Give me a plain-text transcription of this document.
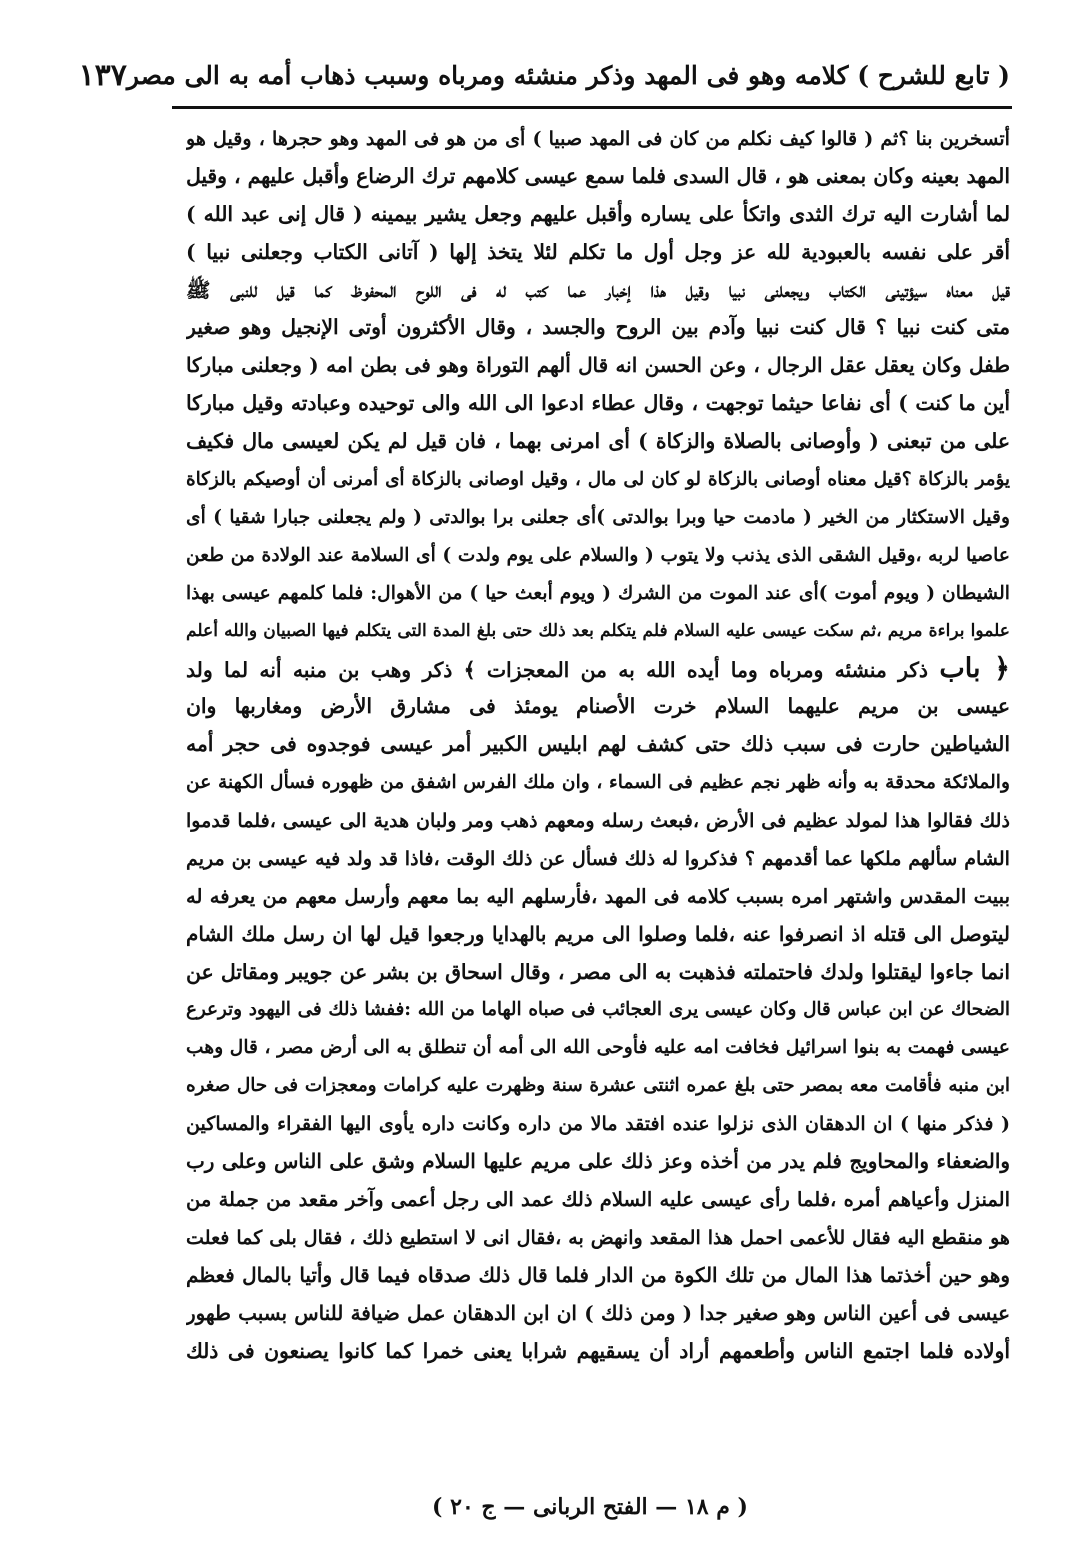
( تابع للشرح ) كلامه وهو فى المهد وذكر منشئه ومرباه وسبب ذهاب أمه به الى مصر
١٣٧
أتسخرين بنا ؟ثم ( قالوا كيف نكلم من كان فى المهد صبيا ) أى من هو فى المهد وهو حجرها ، وقيل هو
المهد بعينه وكان بمعنى هو ، قال السدى فلما سمع عيسى كلامهم ترك الرضاع وأقبل عليهم ، وقيل
لما أشارت اليه ترك الثدى واتكأ على يساره وأقبل عليهم وجعل يشير بيمينه ( قال إنى عبد الله )
أقر على نفسه بالعبودية لله عز وجل أول ما تكلم لئلا يتخذ إلها ( آتانى الكتاب وجعلنى نبيا )
قيل معناه سيؤتينى الكتاب ويجعلنى نبيا وقيل هذا إخبار عما كتب له فى اللوح المحفوظ كما قيل للنبى ﷺ
متى كنت نبيا ؟ قال كنت نبيا وآدم بين الروح والجسد ، وقال الأكثرون أوتى الإنجيل وهو صغير
طفل وكان يعقل عقل الرجال ، وعن الحسن انه قال ألهم التوراة وهو فى بطن امه ( وجعلنى مباركا
أين ما كنت ) أى نفاعا حيثما توجهت ، وقال عطاء ادعوا الى الله والى توحيده وعبادته وقيل مباركا
على من تبعنى ( وأوصانى بالصلاة والزكاة ) أى امرنى بهما ، فان قيل لم يكن لعيسى مال فكيف
يؤمر بالزكاة ؟قيل معناه أوصانى بالزكاة لو كان لى مال ، وقيل اوصانى بالزكاة أى أمرنى أن أوصيكم بالزكاة
وقيل الاستكثار من الخير ( مادمت حيا وبرا بوالدتى )أى جعلنى برا بوالدتى ( ولم يجعلنى جبارا شقيا ) أى
عاصيا لربه ،وقيل الشقى الذى يذنب ولا يتوب ( والسلام على يوم ولدت ) أى السلامة عند الولادة من طعن
الشيطان ( ويوم أموت )أى عند الموت من الشرك ( ويوم أبعث حيا ) من الأهوال: فلما كلمهم عيسى بهذا
علموا براءة مريم ،ثم سكت عيسى عليه السلام فلم يتكلم بعد ذلك حتى بلغ المدة التى يتكلم فيها الصبيان والله أعلم
﴿ باب ذكر منشئه ومرباه وما أيده الله به من المعجزات ﴾ ذكر وهب بن منبه أنه لما ولد
عيسى بن مريم عليهما السلام خرت الأصنام يومئذ فى مشارق الأرض ومغاربها وان
الشياطين حارت فى سبب ذلك حتى كشف لهم ابليس الكبير أمر عيسى فوجدوه فى حجر أمه
والملائكة محدقة به وأنه ظهر نجم عظيم فى السماء ، وان ملك الفرس اشفق من ظهوره فسأل الكهنة عن
ذلك فقالوا هذا لمولد عظيم فى الأرض ،فبعث رسله ومعهم ذهب ومر ولبان هدية الى عيسى ،فلما قدموا
الشام سألهم ملكها عما أقدمهم ؟ فذكروا له ذلك فسأل عن ذلك الوقت ،فاذا قد ولد فيه عيسى بن مريم
ببيت المقدس واشتهر امره بسبب كلامه فى المهد ،فأرسلهم اليه بما معهم وأرسل معهم من يعرفه له
ليتوصل الى قتله اذ انصرفوا عنه ،فلما وصلوا الى مريم بالهدايا ورجعوا قيل لها ان رسل ملك الشام
انما جاءوا ليقتلوا ولدك فاحتملته فذهبت به الى مصر ، وقال اسحاق بن بشر عن جويبر ومقاتل عن
الضحاك عن ابن عباس قال وكان عيسى يرى العجائب فى صباه الهاما من الله :ففشا ذلك فى اليهود وترعرع
عيسى فهمت به بنوا اسرائيل فخافت امه عليه فأوحى الله الى أمه أن تنطلق به الى أرض مصر ، قال وهب
ابن منبه فأقامت معه بمصر حتى بلغ عمره اثنتى عشرة سنة وظهرت عليه كرامات ومعجزات فى حال صغره
( فذكر منها ) ان الدهقان الذى نزلوا عنده افتقد مالا من داره وكانت داره يأوى اليها الفقراء والمساكين
والضعفاء والمحاويج فلم يدر من أخذه وعز ذلك على مريم عليها السلام وشق على الناس وعلى رب
المنزل وأعياهم أمره ،فلما رأى عيسى عليه السلام ذلك عمد الى رجل أعمى وآخر مقعد من جملة من
هو منقطع اليه فقال للأعمى احمل هذا المقعد وانهض به ،فقال انى لا استطيع ذلك ، فقال بلى كما فعلت
وهو حين أخذتما هذا المال من تلك الكوة من الدار فلما قال ذلك صدقاه فيما قال وأتيا بالمال فعظم
عيسى فى أعين الناس وهو صغير جدا ( ومن ذلك ) ان ابن الدهقان عمل ضيافة للناس بسبب طهور
أولاده فلما اجتمع الناس وأطعمهم أراد أن يسقيهم شرابا يعنى خمرا كما كانوا يصنعون فى ذلك
( م ١٨ — الفتح الربانى — ج ٢٠ )
